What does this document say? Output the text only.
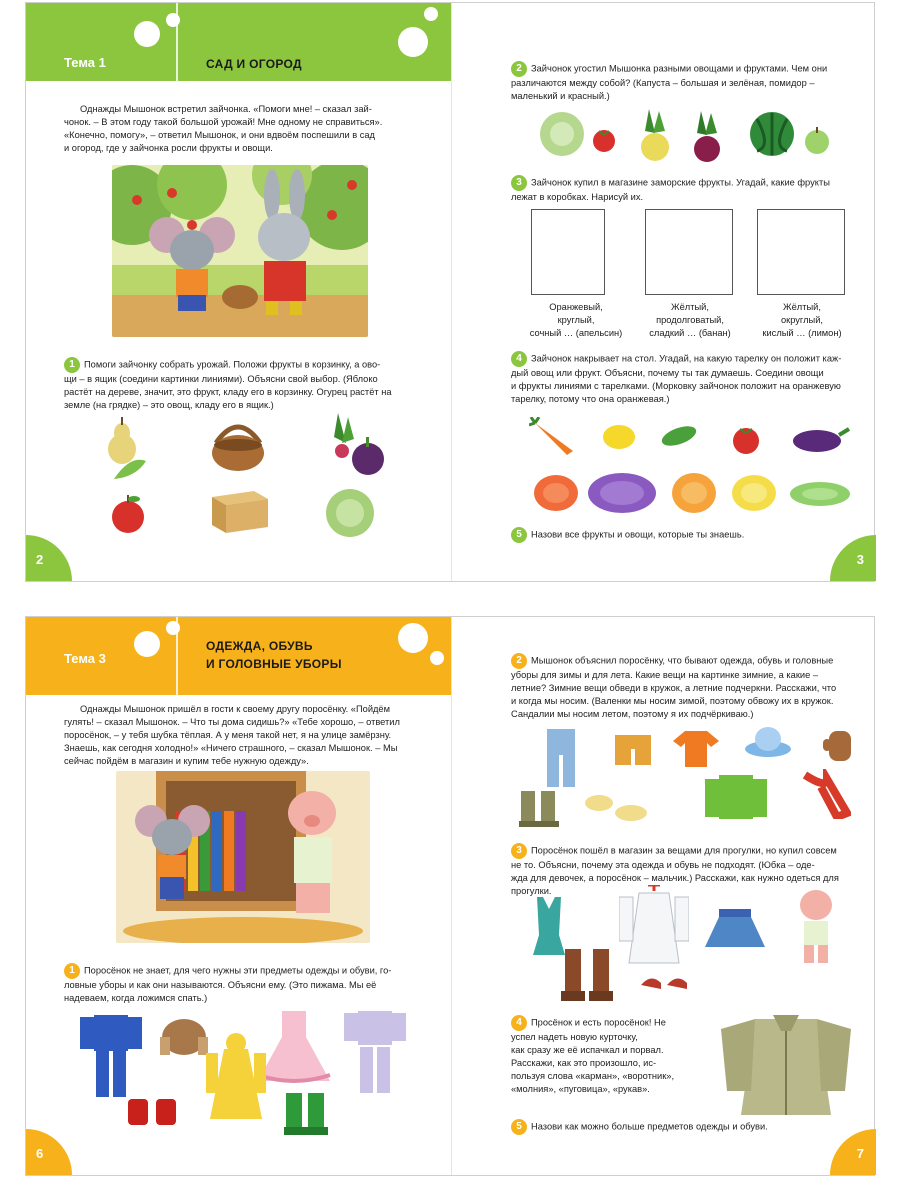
Тема 1	САД И ОГОРОД
Однажды Мышонок встретил зайчонка. «Помоги мне! – сказал зай-
чонок. – В этом году такой большой урожай! Мне одному не справиться».
«Конечно, помогу», – ответил Мышонок, и они вдвоём поспешили в сад
и огород, где у зайчонка росли фрукты и овощи.
1 Помоги зайчонку собрать урожай. Положи фрукты в корзинку, а ово-
щи – в ящик (соедини картинки линиями). Объясни свой выбор. (Яблоко
растёт на дереве, значит, это фрукт, кладу его в корзинку. Огурец растёт на
земле (на грядке) – это овощ, кладу его в ящик.)
2
2 Зайчонок угостил Мышонка разными овощами и фруктами. Чем они
различаются между собой? (Капуста – большая и зелёная, помидор –
маленький и красный.)
3 Зайчонок купил в магазине заморские фрукты. Угадай, какие фрукты
лежат в коробках. Нарисуй их.
Оранжевый,
круглый,
сочный … (апельсин)
Жёлтый,
продолговатый,
сладкий … (банан)
Жёлтый,
округлый,
кислый … (лимон)
4 Зайчонок накрывает на стол. Угадай, на какую тарелку он положит каж-
дый овощ или фрукт. Объясни, почему ты так думаешь. Соедини овощи
и фрукты линиями с тарелками. (Морковку зайчонок положит на оранжевую
тарелку, потому что она оранжевая.)
5 Назови все фрукты и овощи, которые ты знаешь.
3
Тема 3
ОДЕЖДА, ОБУВЬ
И ГОЛОВНЫЕ УБОРЫ
Однажды Мышонок пришёл в гости к своему другу поросёнку. «Пойдём
гулять! – сказал Мышонок. – Что ты дома сидишь?» «Тебе хорошо, – ответил
поросёнок, – у тебя шубка тёплая. А у меня такой нет, я на улице замёрзну.
Знаешь, как сегодня холодно!» «Ничего страшного, – сказал Мышонок. – Мы
сейчас пойдём в магазин и купим тебе нужную одежду».
1 Поросёнок не знает, для чего нужны эти предметы одежды и обуви, го-
ловные уборы и как они называются. Объясни ему. (Это пижама. Мы её
надеваем, когда ложимся спать.)
6
2 Мышонок объяснил поросёнку, что бывают одежда, обувь и головные
уборы для зимы и для лета. Какие вещи на картинке зимние, а какие –
летние? Зимние вещи обведи в кружок, а летние подчеркни. Расскажи, что
и когда мы носим. (Валенки мы носим зимой, поэтому обвожу их в кружок.
Сандалии мы носим летом, поэтому я их подчёркиваю.)
3 Поросёнок пошёл в магазин за вещами для прогулки, но купил совсем
не то. Объясни, почему эта одежда и обувь не подходят. (Юбка – оде-
жда для девочек, а поросёнок – мальчик.) Расскажи, как нужно одеться для
прогулки.
4 Просёнок и есть поросёнок! Не
успел надеть новую курточку,
как сразу же её испачкал и порвал.
Расскажи, как это произошло, ис-
пользуя слова «карман», «воротник»,
«молния», «пуговица», «рукав».
5 Назови как можно больше предметов одежды и обуви.
7
